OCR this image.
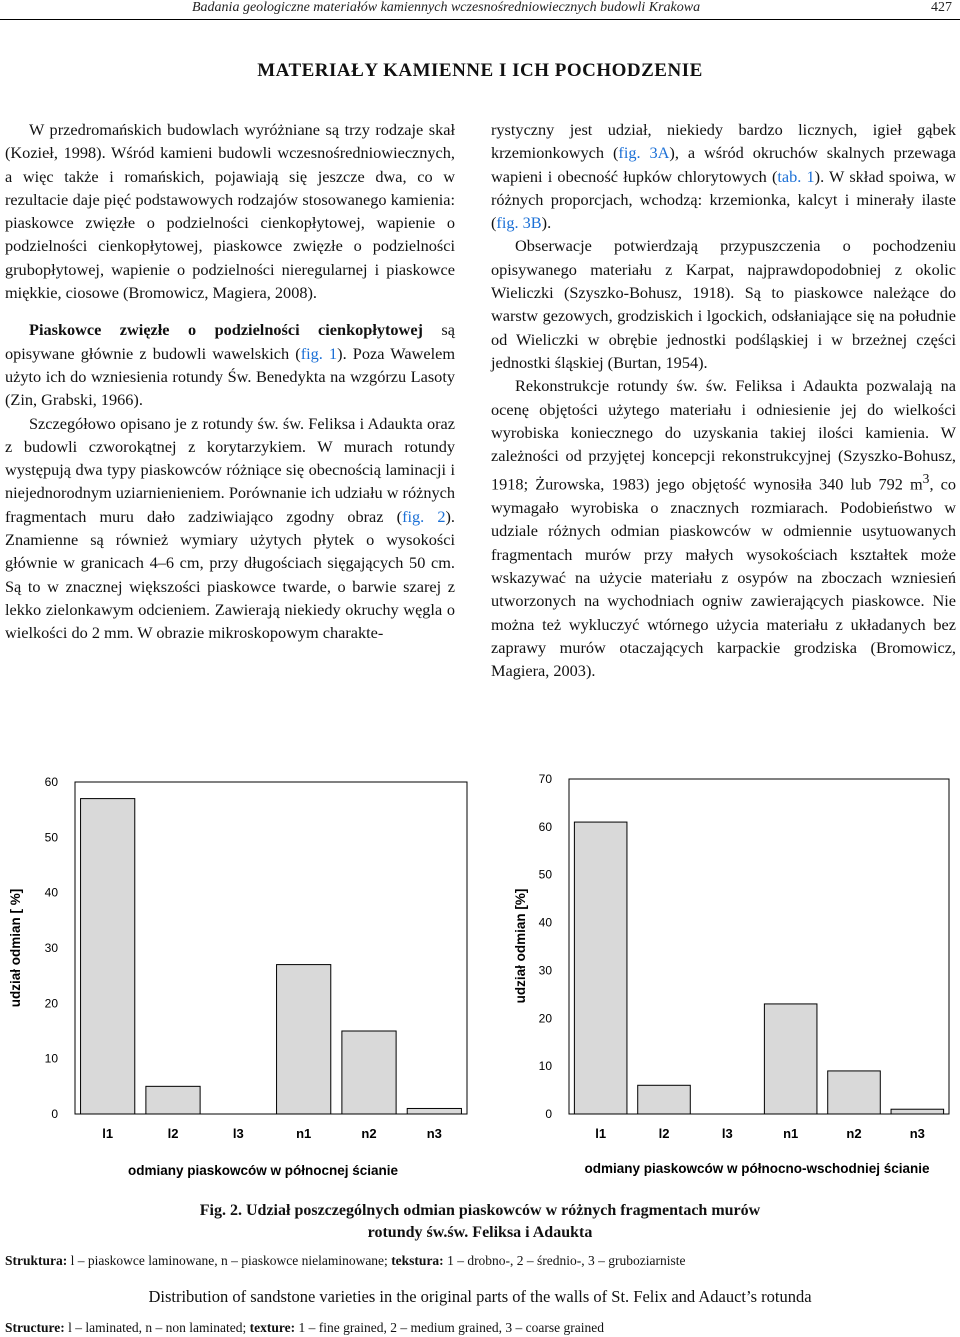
Badania geologiczne materiałów kamiennych wczesnośredniowiecznych budowli Krakowa	427
MATERIAŁY KAMIENNE I ICH POCHODZENIE

W przedromańskich budowlach wyróżniane są trzy rodzaje skał (Kozieł, 1998). Wśród kamieni budowli wczesnośredniowiecznych, a więc także i romańskich, pojawiają się jeszcze dwa, co w rezultacie daje pięć podstawowych rodzajów stosowanego kamienia: piaskowce zwięzłe o podzielności cienkopłytowej, wapienie o podzielności cienkopłytowej, piaskowce zwięzłe o podzielności grubopłytowej, wapienie o podzielności nieregularnej i piaskowce miękkie, ciosowe (Bromowicz, Magiera, 2008).

Piaskowce zwięzłe o podzielności cienkopłytowej są opisywane głównie z budowli wawelskich (fig. 1). Poza Wawelem użyto ich do wzniesienia rotundy Św. Benedykta na wzgórzu Lasoty (Zin, Grabski, 1966).

Szczegółowo opisano je z rotundy św. św. Feliksa i Adaukta oraz z budowli czworokątnej z korytarzykiem. W murach rotundy występują dwa typy piaskowców różniące się obecnością laminacji i niejednorodnym uziarnienieniem. Porównanie ich udziału w różnych fragmentach muru dało zadziwiająco zgodny obraz (fig. 2). Znamienne są również wymiary użytych płytek o wysokości głównie w granicach 4–6 cm, przy długościach sięgających 50 cm. Są to w znacznej większości piaskowce twarde, o barwie szarej z lekko zielonkawym odcieniem. Zawierają niekiedy okruchy węgla o wielkości do 2 mm. W obrazie mikroskopowym charakte-

rystyczny jest udział, niekiedy bardzo licznych, igieł gąbek krzemionkowych (fig. 3A), a wśród okruchów skalnych przewaga wapieni i obecność łupków chlorytowych (tab. 1). W skład spoiwa, w różnych proporcjach, wchodzą: krzemionka, kalcyt i minerały ilaste (fig. 3B).

Obserwacje potwierdzają przypuszczenia o pochodzeniu opisywanego materiału z Karpat, najprawdopodobniej z okolic Wieliczki (Szyszko-Bohusz, 1918). Są to piaskowce należące do warstw gezowych, grodziskich i lgockich, odsłaniające się na południe od Wieliczki w obrębie jednostki podśląskiej i w brzeżnej części jednostki śląskiej (Burtan, 1954).

Rekonstrukcje rotundy św. św. Feliksa i Adaukta pozwalają na ocenę objętości użytego materiału i odniesienie jej do wielkości wyrobiska koniecznego do uzyskania takiej ilości kamienia. W zależności od przyjętej koncepcji rekonstrukcyjnej (Szyszko-Bohusz, 1918; Żurowska, 1983) jego objętość wynosiła 340 lub 792 $m^3$, co wymagało wyrobiska o znacznych rozmiarach. Podobieństwo w udziale różnych odmian piaskowców w odmiennie usytuowanych fragmentach murów przy małych wysokościach kształtek może wskazywać na użycie materiału z osypów na zboczach wzniesień utworzonych na wychodniach ogniw zawierających piaskowce. Nie można też wykluczyć wtórnego użycia materiału z układanych bez zaprawy murów otaczających karpackie grodziska (Bromowicz, Magiera, 2003).

0
10
20
30
40
50
60
l1	l2	l3	n1	n2	n3
udział odmian [ %]
odmiany piaskowców w północnej ścianie
0
10
20
30
40
50
60
70
l1	l2	l3	n1	n2	n3
udział odmian [%]
odmiany piaskowców w północno-wschodniej ścianie
Fig. 2. Udział poszczególnych odmian piaskowców w różnych fragmentach murów
rotundy św.św. Feliksa i Adaukta
Struktura: l – piaskowce laminowane, n – piaskowce nielaminowane; tekstura: 1 – drobno-, 2 – średnio-, 3 – gruboziarniste
Distribution of sandstone varieties in the original parts of the walls of St. Felix and Adauct’s rotunda
Structure: l – laminated, n – non laminated; texture: 1 – fine grained, 2 – medium grained, 3 – coarse grained
